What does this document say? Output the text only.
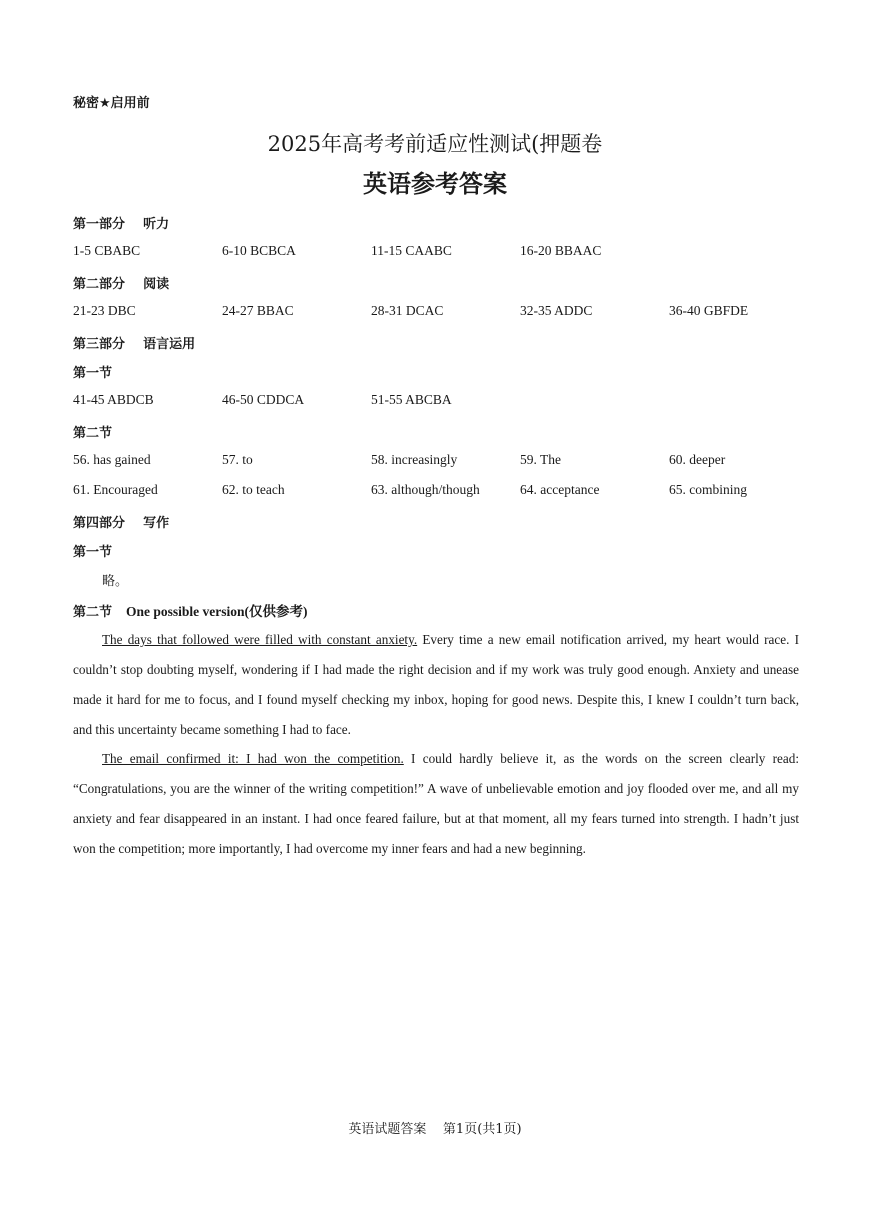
秘密★启用前
2025年高考考前适应性测试(押题卷
英语参考答案
第一部分    听力
1-5 CBABC	6-10 BCBCA	11-15 CAABC	16-20 BBAAC
第二部分    阅读
21-23 DBC	24-27 BBAC	28-31 DCAC	32-35 ADDC	36-40 GBFDE
第三部分    语言运用
第一节
41-45 ABDCB	46-50 CDDCA	51-55 ABCBA
第二节
56. has gained	57. to	58. increasingly	59. The	60. deeper
61. Encouraged	62. to teach	63. although/though	64. acceptance	65. combining
第四部分    写作
第一节
略。
第二节 One possible version(仅供参考)

The days that followed were filled with constant anxiety. Every time a new email notification arrived, my heart would race. I couldn’t stop doubting myself, wondering if I had made the right decision and if my work was truly good enough. Anxiety and unease made it hard for me to focus, and I found myself checking my inbox, hoping for good news. Despite this, I knew I couldn’t turn back, and this uncertainty became something I had to face.

The email confirmed it: I had won the competition. I could hardly believe it, as the words on the screen clearly read: “Congratulations, you are the winner of the writing competition!” A wave of unbelievable emotion and joy flooded over me, and all my anxiety and fear disappeared in an instant. I had once feared failure, but at that moment, all my fears turned into strength. I hadn’t just won the competition; more importantly, I had overcome my inner fears and had a new beginning.

英语试题答案    第1页(共1页)
